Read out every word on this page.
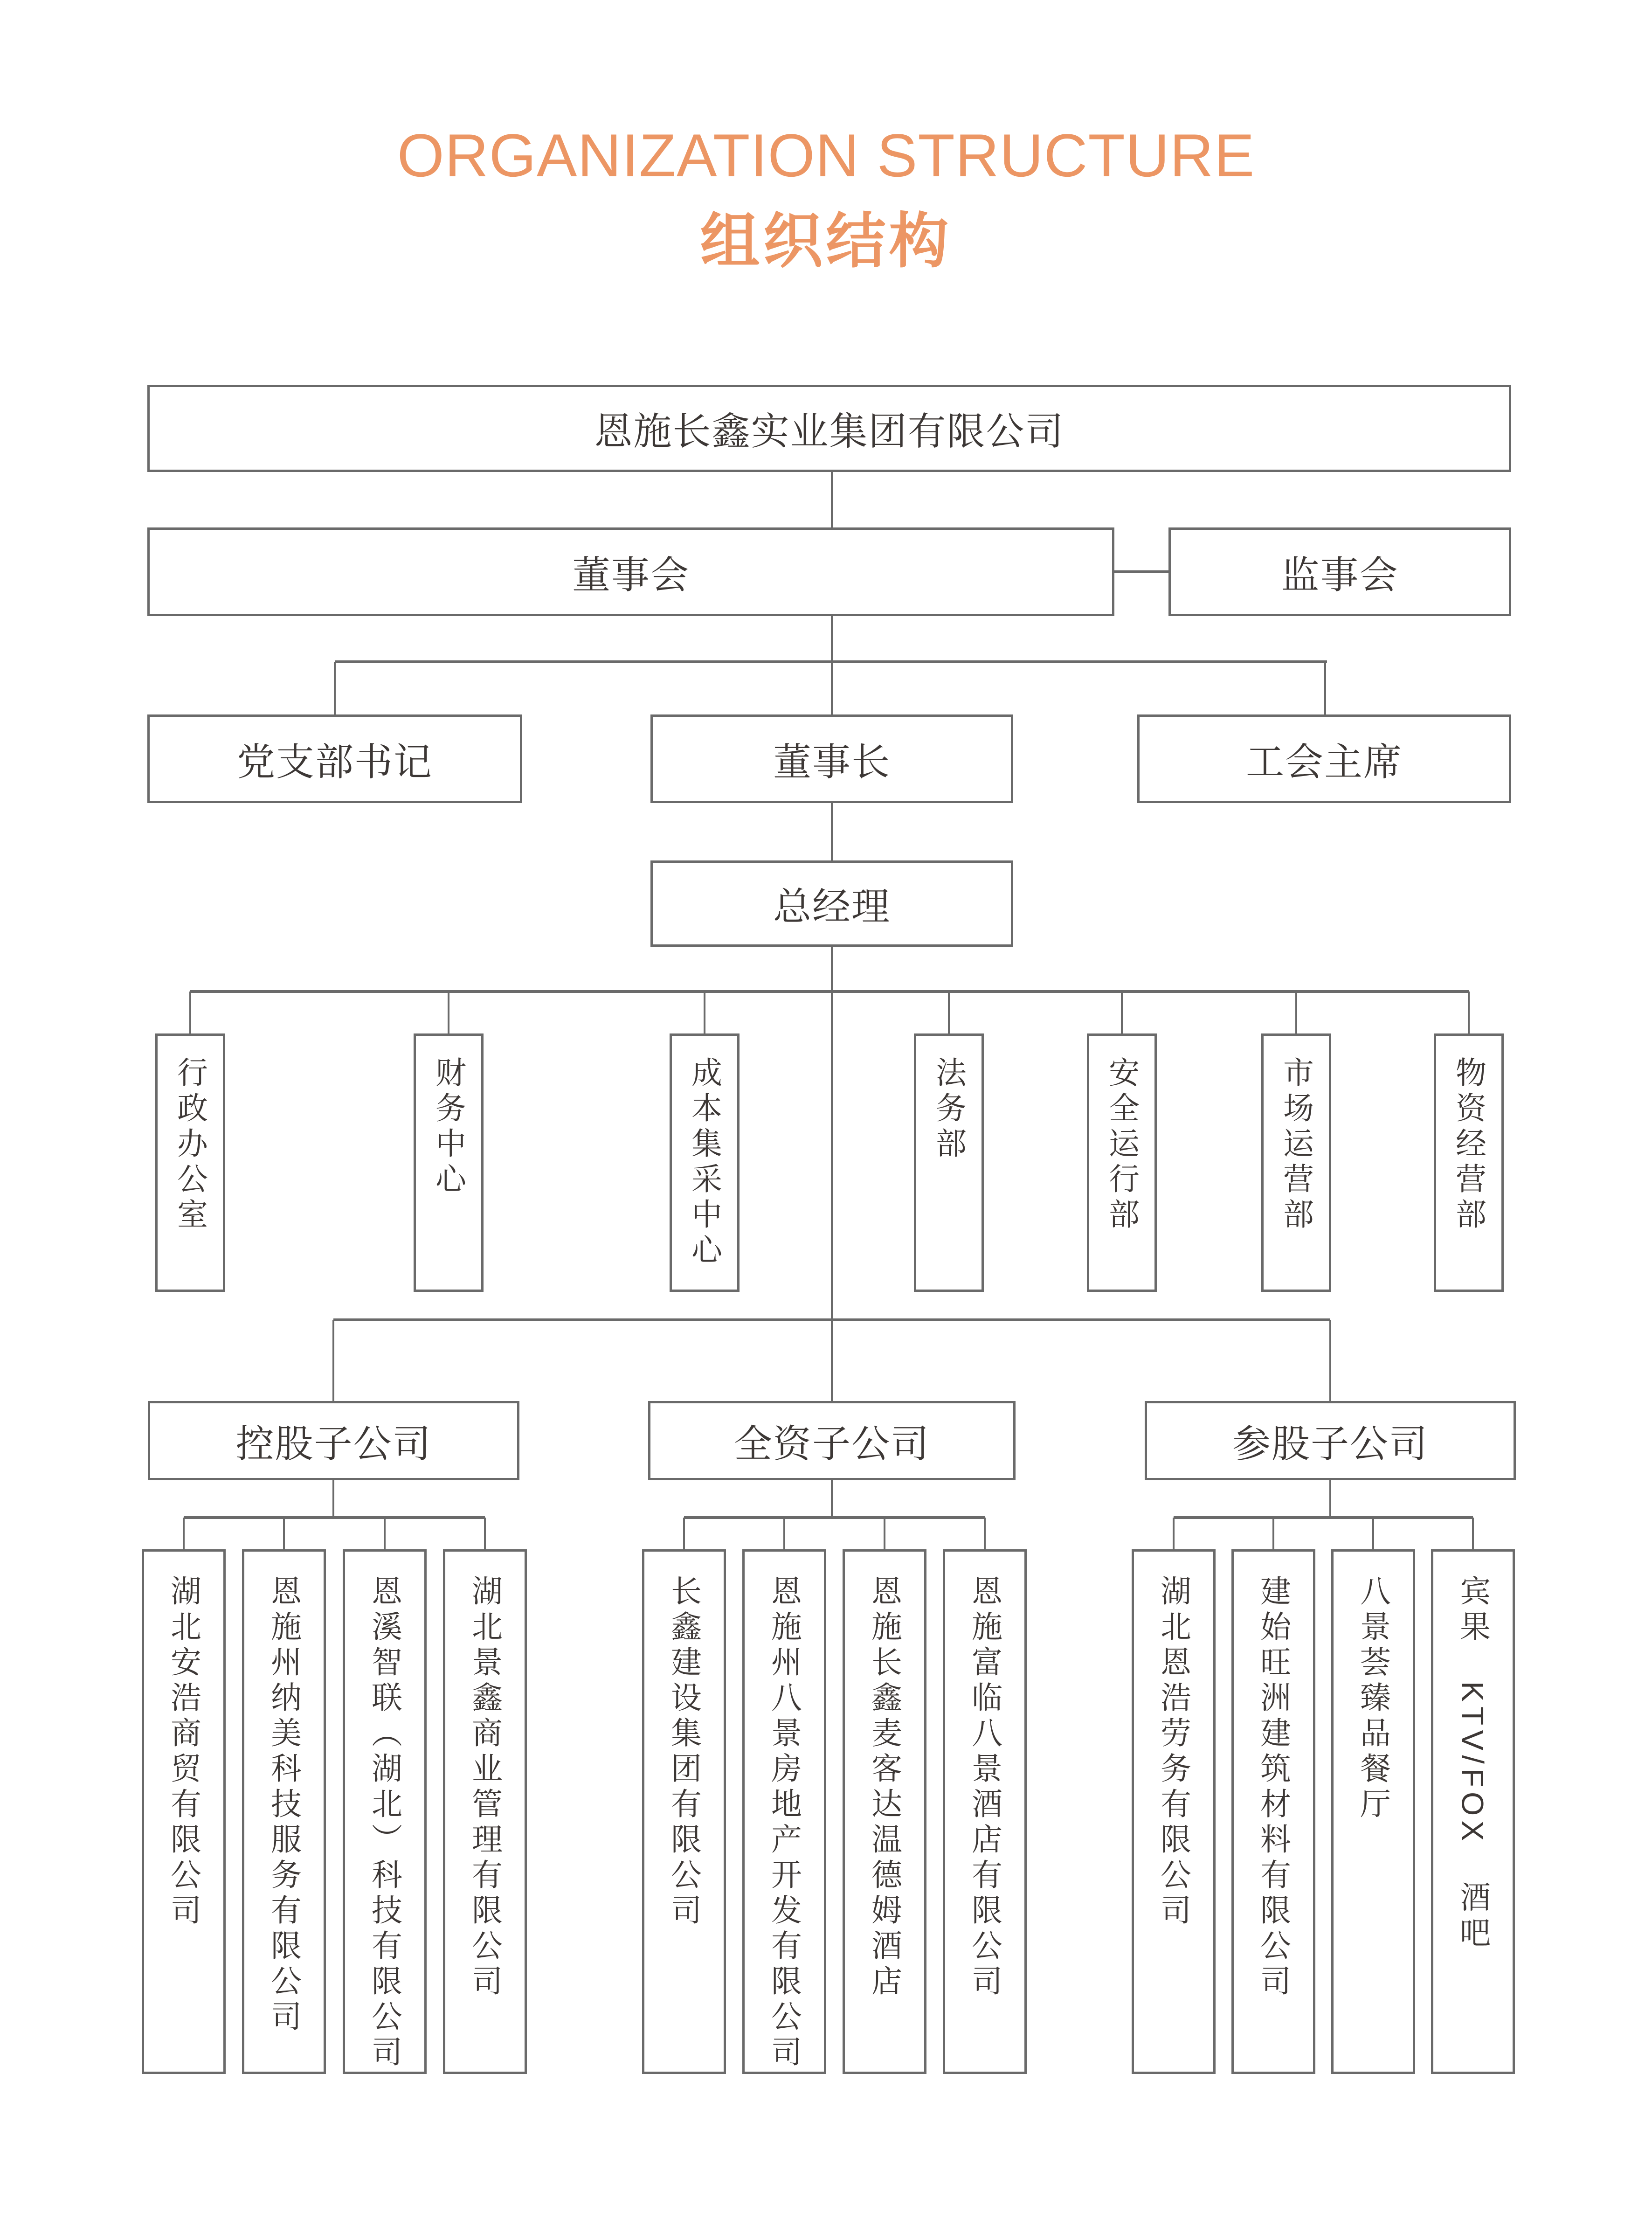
ORGANIZATION STRUCTURE
组织结构
恩施长鑫实业集团有限公司
董事会	监事会
党支部书记	董事长	工会主席
总经理
行政办公室	财务中心	成本集采中心	法务部	安全运行部	市场运营部	物资经营部
控股子公司	全资子公司	参股子公司
湖北安浩商贸有限公司 恩施州纳美科技服务有限公司 恩溪智联（湖北）科技有限公司 湖北景鑫商业管理有限公司	长鑫建设集团有限公司 恩施州八景房地产开发有限公司 恩施长鑫麦客达温德姆酒店 恩施富临八景酒店有限公司	湖北恩浩劳务有限公司 建始旺洲建筑材料有限公司 八景荟臻品餐厅 宾果　KTV/FOX　酒吧
